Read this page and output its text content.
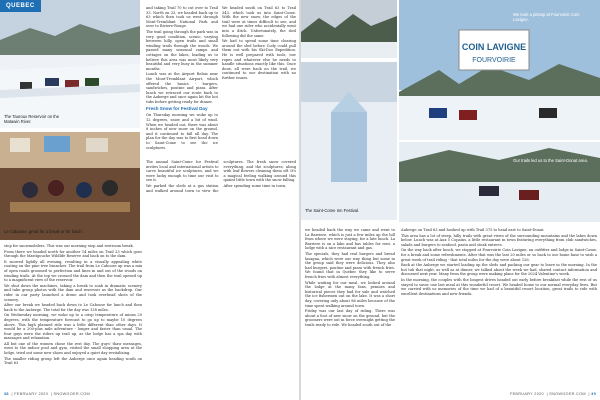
QUEBEC
The Tauroux Reservoir on the Matawin River.
Le Caboose: great for a break or for lunch.

and taking Trail 70 to cut over to Trail 33. North on 33, we headed back up to 63 which then took us west through Mont-Tremblant National Park and over to Riviere-Rouge.

The trail going through the park was in very good condition, scenic, varying between hilly, open trails and small winding trails through the woods. We passed many seasonal camps and cottages on the lakes, leading us to believe this area was most likely very beautiful and very busy in the summer months.

Lunch was at the Airport Relais near the Mont-Tremblant Airport, which offered the basics - burgers, sandwiches, poutine and pizza. After lunch we retraced our route back to the Auberge and once again hit the hot tubs before getting ready for dinner.

Fresh Snow for Festival Day

On Thursday morning we woke up to 12 degrees, snow and a bit of wind. When we headed out, there was about 8 inches of new snow on the ground, and it continued to fall all day. The plan for the day was to first head down to Saint-Come to see the ice sculptures.

We headed south on Trail 63 to Trail 343, which took us into Saint-Come. With the new snow, the edges of the trail were at times difficult to see, and we had one rider who accidentally went into a ditch. Unfortunately, the sled following did the same.

We had to spend some time clearing around the sled before Cody could pull them out with his Ski-Doo Expedition. He is well prepared with tools, tow ropes and whatever else he needs to handle situations exactly like this. Once done, all were back on the trail, we continued to our destination with no further issues.

The annual Saint-Come Ice Festival invites local and international artists to carve beautiful ice sculptures, and we were lucky enough to time our visit to see it.

We parked the sleds at a gas station and walked around town to view the sculptures. The fresh snow covered everything, and the sculptures, along with leaf flowers cleaning them off. It's a magical feeling walking around this quaint little town with the snow falling.

After spending some time in town,

stop for snowmobilers. This was our morning stop and restroom break.

From there we headed north for another 14 miles on Trail 23 which goes through the Mastigouche Wildlife Reserve and back on to the dam.

It snowed lightly all evening, resulting in a visually appealing white coating on the pine tree branches. The trail from Le Caboose up was a mix of open roads groomed to perfection and lines in and out of the woods on winding trails. At the top we crossed the dam and then the trail opened up to a magnificent view of the reservoir.

We shut down the machines, taking a break to soak in dramatic scenery and take group photos with the dam and reservoir as the backdrop. Our rider in our party launched a drone and took overhead shots of the scenery.

After our break we headed back down to Le Caboose for lunch and then back to the Auberge. The total for the day was 138 miles.

On Wednesday morning, we woke up to a crisp temperature of minus 20 degrees, with the temperature forecast to go up to maybe 10 degrees above. This high planned ride was a little different than other days. It would be a 200-plus mile adventure - longer and faster than usual. The four guys were the riders up trail up, as the lodge has a spa day with massages and relaxation.

All but one of the women chose the rest day. The guys' thaw messages, went to the indoor pool and gym, visited the small shopping area at the lodge, tried out some new shoes and enjoyed a quiet day revitalizing.

The smaller riding group left the Auberge once again heading south on Trail 63

38  | FEBRUARY 2020  | SNOWGOER.COM
COIN LAVIGNE
FOURVOIRIE
We took a pitstop at Fourvoirie Coin Lavigne.
The Saint-Come Inn Festival.
Our trails led us to the Saint-Donat area.

we headed back the way we came and went to La Barriere, which is just a few miles up the hill from where we were staying, for a late lunch. La Barriere is on a lake and has tables for rent, a lodge with a nice restaurant and gas.

The specials, they had real burgers and bread lasagna, which were our way thing but some in the group said they were delicious. They also had burgers, poutine and pizza with french fries. We found that in Quebec they like to serve french fries with almost everything.

While waiting for our meal, we looked around the lodge at the many fans, pennies and historical pieces they had for sale and watched the ice fishermen out on the lake. It was a short day, covering only about 86 miles because of the time spent walking around town.

Friday was our last day of riding. There was about a foot of new snow on the ground, but the groomers were out in force overnight getting the trails ready to ride. We headed south out of the

Auberge on Trail 63 and hooked up with Trail 375 to head east to Saint-Donat.

This area has a lot of steep, hilly trails with great views of the surrounding mountains and the lakes down below. Lunch was at Aux 5 Copains, a little restaurant in town featuring everything from club sandwiches, salads and burgers to seafood, pasta and steak entrees.

On the way back after lunch, we stopped at Fourvoirie Coin Lavigne, an outfitter and lodge in Saint-Come, for a break and some refreshments. After that was the last 20 miles or so back to our home base to wish a great week of trail riding - that total miles for the day were about 126.

Back at the Auberge we started loading up the sleds and packing our gear to leave in the morning. In the hot tub that night, as well as at dinner, we talked about the week we had, shared contact information and discussed next year. Many from the group were making plans for the 2024 Valentine's week.

In the morning, the couples with the longest drives headed out early before breakfast while the rest of us stayed to savor one last meal at this wonderful resort. We headed home to our normal everyday lives. But we carried with us memories of the time we had of a beautiful resort location, great trails to ride with excellent destinations and new friends.

FEBRUARY 2020  | SNOWGOER.COM  | 39
